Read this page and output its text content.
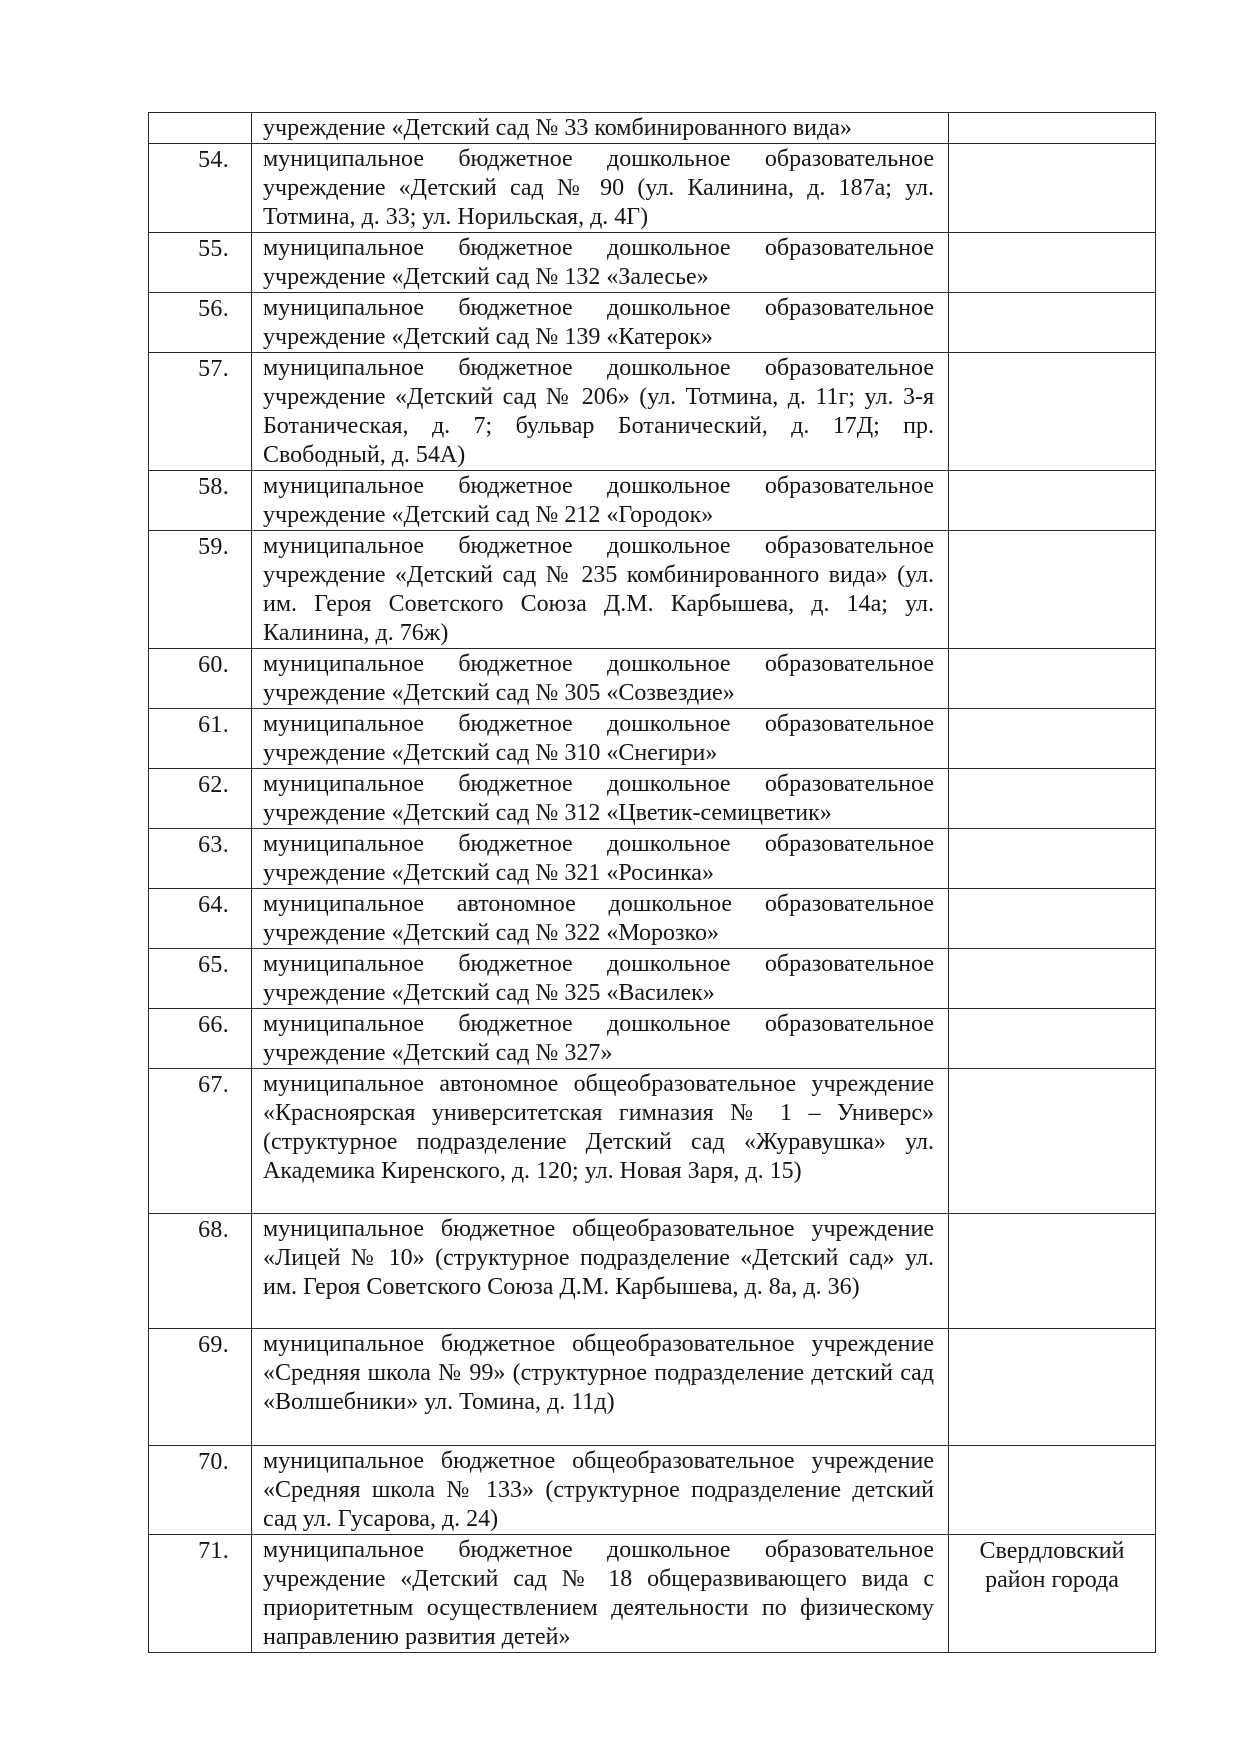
	учреждение «Детский сад № 33 комбинированного вида»	
54.	муниципальное бюджетное дошкольное образовательное учреждение «Детский сад № 90 (ул. Калинина, д. 187а; ул. Тотмина, д. 33; ул. Норильская, д. 4Г)	
55.	муниципальное бюджетное дошкольное образовательное учреждение «Детский сад № 132 «Залесье»	
56.	муниципальное бюджетное дошкольное образовательное учреждение «Детский сад № 139 «Катерок»	
57.	муниципальное бюджетное дошкольное образовательное учреждение «Детский сад № 206» (ул. Тотмина, д. 11г; ул. 3-я Ботаническая, д. 7; бульвар Ботанический, д. 17Д; пр. Свободный, д. 54А)	
58.	муниципальное бюджетное дошкольное образовательное учреждение «Детский сад № 212 «Городок»	
59.	муниципальное бюджетное дошкольное образовательное учреждение «Детский сад № 235 комбинированного вида» (ул. им. Героя Советского Союза Д.М. Карбышева, д. 14а; ул. Калинина, д. 76ж)	
60.	муниципальное бюджетное дошкольное образовательное учреждение «Детский сад № 305 «Созвездие»	
61.	муниципальное бюджетное дошкольное образовательное учреждение «Детский сад № 310 «Снегири»	
62.	муниципальное бюджетное дошкольное образовательное учреждение «Детский сад № 312 «Цветик-семицветик»	
63.	муниципальное бюджетное дошкольное образовательное учреждение «Детский сад № 321 «Росинка»	
64.	муниципальное автономное дошкольное образовательное учреждение «Детский сад № 322 «Морозко»	
65.	муниципальное бюджетное дошкольное образовательное учреждение «Детский сад № 325 «Василек»	
66.	муниципальное бюджетное дошкольное образовательное учреждение «Детский сад № 327»	
67.	муниципальное автономное общеобразовательное учреждение «Красноярская университетская гимназия № 1 – Универс» (структурное подразделение Детский сад «Журавушка» ул. Академика Киренского, д. 120; ул. Новая Заря, д. 15)	
68.	муниципальное бюджетное общеобразовательное учреждение «Лицей № 10» (структурное подразделение «Детский сад» ул. им. Героя Советского Союза Д.М. Карбышева, д. 8а, д. 36)	
69.	муниципальное бюджетное общеобразовательное учреждение «Средняя школа № 99» (структурное подразделение детский сад «Волшебники» ул. Томина, д. 11д)	
70.	муниципальное бюджетное общеобразовательное учреждение «Средняя школа № 133» (структурное подразделение детский сад ул. Гусарова, д. 24)	
71.	муниципальное бюджетное дошкольное образовательное учреждение «Детский сад № 18 общеразвивающего вида с приоритетным осуществлением деятельности по физическому направлению развития детей»	Свердловский район города
